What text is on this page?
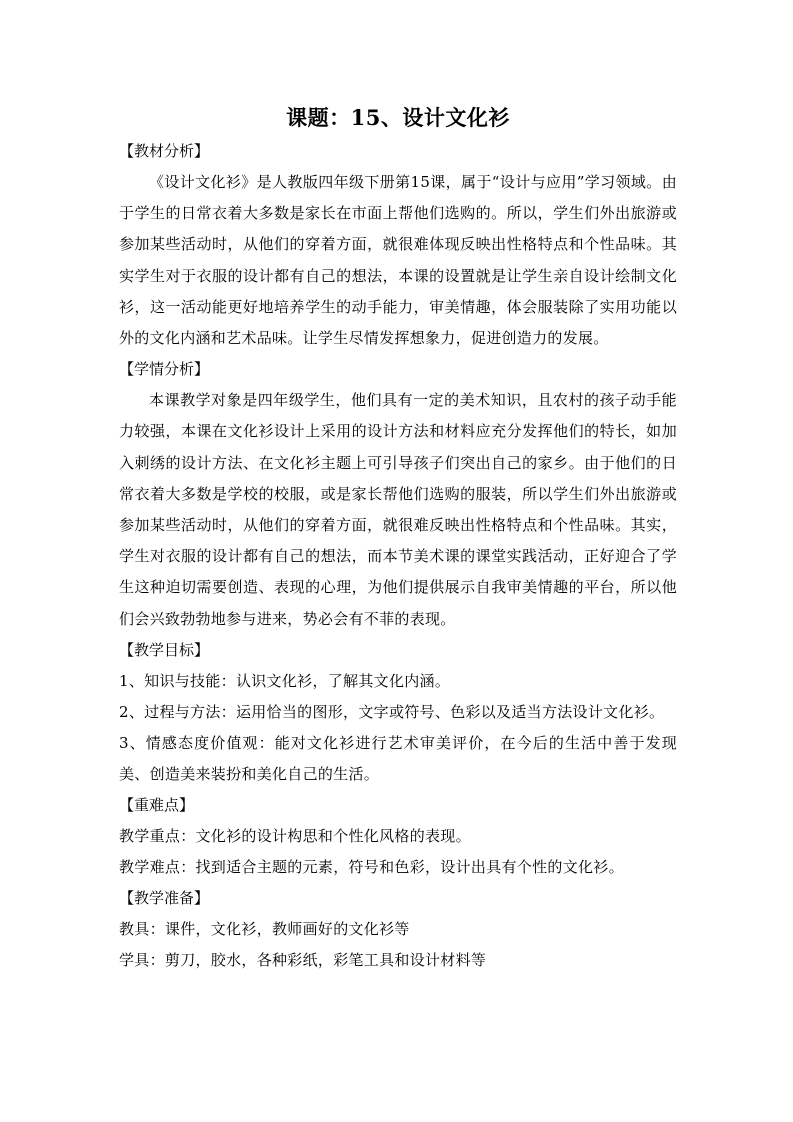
课题：15、设计文化衫
【教材分析】

《设计文化衫》是人教版四年级下册第15课，属于“设计与应用”学习领域。由于学生的日常衣着大多数是家长在市面上帮他们选购的。所以，学生们外出旅游或参加某些活动时，从他们的穿着方面，就很难体现反映出性格特点和个性品味。其实学生对于衣服的设计都有自己的想法，本课的设置就是让学生亲自设计绘制文化衫，这一活动能更好地培养学生的动手能力，审美情趣，体会服装除了实用功能以外的文化内涵和艺术品味。让学生尽情发挥想象力，促进创造力的发展。

【学情分析】

本课教学对象是四年级学生，他们具有一定的美术知识，且农村的孩子动手能力较强，本课在文化衫设计上采用的设计方法和材料应充分发挥他们的特长，如加入刺绣的设计方法、在文化衫主题上可引导孩子们突出自己的家乡。由于他们的日常衣着大多数是学校的校服，或是家长帮他们选购的服装，所以学生们外出旅游或参加某些活动时，从他们的穿着方面，就很难反映出性格特点和个性品味。其实，学生对衣服的设计都有自己的想法，而本节美术课的课堂实践活动，正好迎合了学生这种迫切需要创造、表现的心理，为他们提供展示自我审美情趣的平台，所以他们会兴致勃勃地参与进来，势必会有不菲的表现。

【教学目标】

1、知识与技能：认识文化衫，了解其文化内涵。

2、过程与方法：运用恰当的图形，文字或符号、色彩以及适当方法设计文化衫。

3、情感态度价值观：能对文化衫进行艺术审美评价，在今后的生活中善于发现美、创造美来装扮和美化自己的生活。

【重难点】

教学重点：文化衫的设计构思和个性化风格的表现。

教学难点：找到适合主题的元素，符号和色彩，设计出具有个性的文化衫。

【教学准备】

教具：课件，文化衫，教师画好的文化衫等

学具：剪刀，胶水，各种彩纸，彩笔工具和设计材料等
